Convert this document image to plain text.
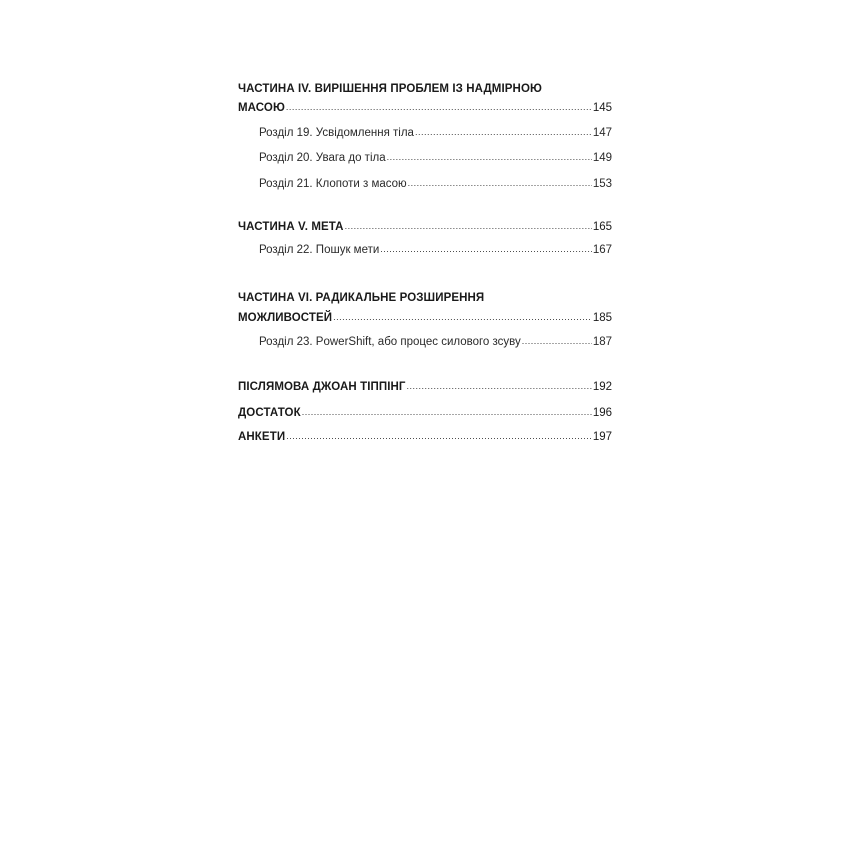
ЧАСТИНА IV. ВИРІШЕННЯ ПРОБЛЕМ ІЗ НАДМІРНОЮ
МАСОЮ .....	145
Розділ 19. Усвідомлення тіла .....	147
Розділ 20. Увага до тіла .....	149
Розділ 21. Клопоти з масою .....	153
ЧАСТИНА V. МЕТА .....	165
Розділ 22. Пошук мети .....	167
ЧАСТИНА VI. РАДИКАЛЬНЕ РОЗШИРЕННЯ
МОЖЛИВОСТЕЙ .....	185
Розділ 23. PowerShift, або процес силового зсуву .....	187
ПІСЛЯМОВА ДЖОАН ТІППІНГ .....	192
ДОСТАТОК .....	196
АНКЕТИ .....	197
